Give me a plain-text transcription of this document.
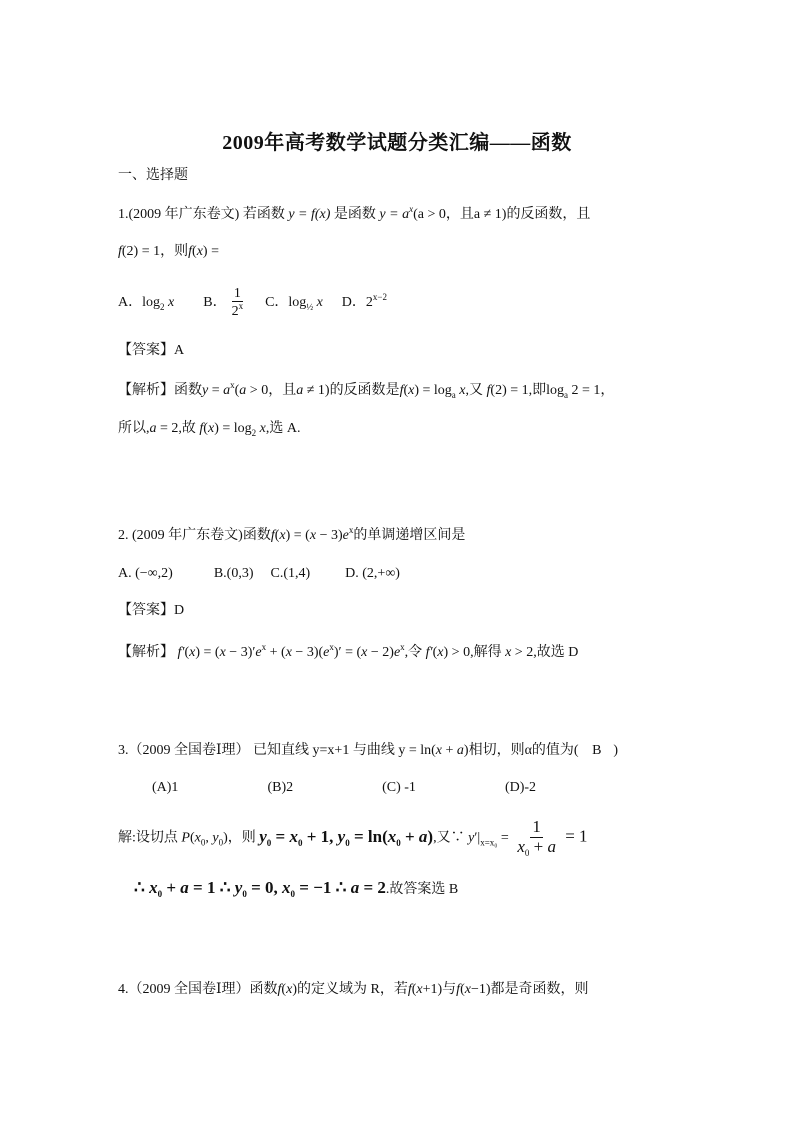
2009年高考数学试题分类汇编——函数
一、选择题
1.(2009 年广东卷文) 若函数 y = f(x) 是函数 $y = a^x(a > 0$，且a ≠ 1)的反函数，且
f(2) = 1，则f(x) =
A．$\log_2 x$ B． $\frac{1}{2^x}$ C．$\log_{\frac{1}{2}} x$ D．$2^{x-2}$
【答案】A
【解析】函数$y = a^x(a > 0$，且a ≠ 1)的反函数是$f(x) = \log_a x$,又 f(2) = 1,即$\log_a 2 = 1$，
所以,a = 2,故 $f(x) = \log_2 x$,选 A.
2. (2009 年广东卷文)函数$f(x) = (x - 3)e^x$的单调递增区间是
A. (−∞,2)	B.(0,3) C.(1,4)	D. (2,+∞)
【答案】D
【解析】 $f'(x) = (x - 3)'e^x + (x - 3)(e^x)' = (x - 2)e^x$,令 f′(x) > 0,解得 x > 2,故选 D
3.（2009 全国卷Ⅰ理） 已知直线 y=x+1 与曲线 y = ln(x + a)相切，则α的值为( B )
(A)1	(B)2	(C) -1	(D)-2
解:设切点 $P(x_0$, $y_0$)，则 $y_0 = x_0 + 1$, $y_0 = \ln(x_0 + a)$,又∵ $y'|_{x=x_0} = \frac{1}{x_0 + a} = 1$
∴ $x_0 + a = 1$ ∴ $y_0 = 0$, $x_0 = -1$ ∴ a = 2.故答案选 B
4.（2009 全国卷Ⅰ理）函数f(x)的定义域为 R，若f(x+1)与f(x−1)都是奇函数，则
